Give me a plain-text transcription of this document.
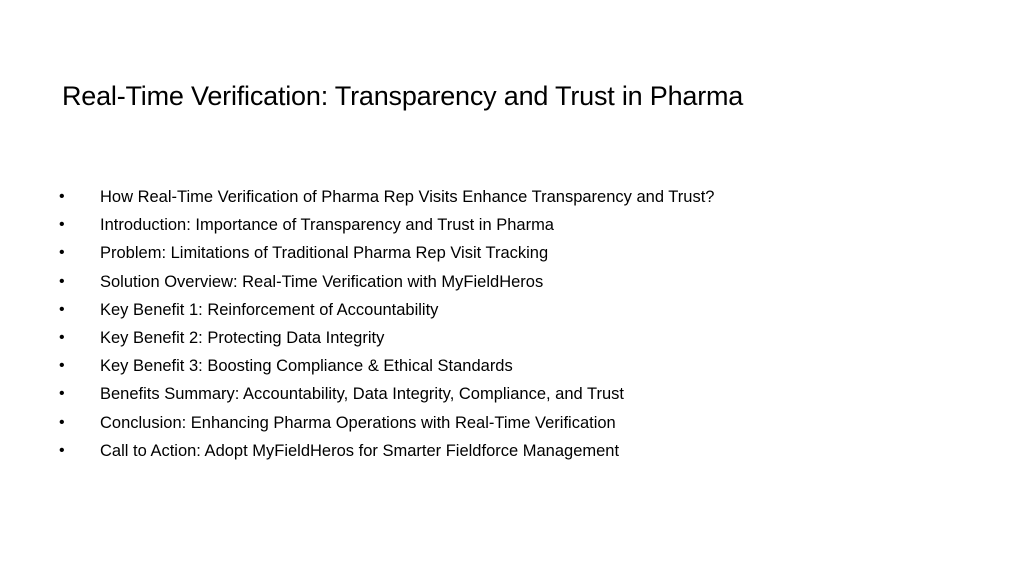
Real-Time Verification: Transparency and Trust in Pharma
• How Real-Time Verification of Pharma Rep Visits Enhance Transparency and Trust?
• Introduction: Importance of Transparency and Trust in Pharma
• Problem: Limitations of Traditional Pharma Rep Visit Tracking
• Solution Overview: Real-Time Verification with MyFieldHeros
• Key Benefit 1: Reinforcement of Accountability
• Key Benefit 2: Protecting Data Integrity
• Key Benefit 3: Boosting Compliance & Ethical Standards
• Benefits Summary: Accountability, Data Integrity, Compliance, and Trust
• Conclusion: Enhancing Pharma Operations with Real-Time Verification
• Call to Action: Adopt MyFieldHeros for Smarter Fieldforce Management
